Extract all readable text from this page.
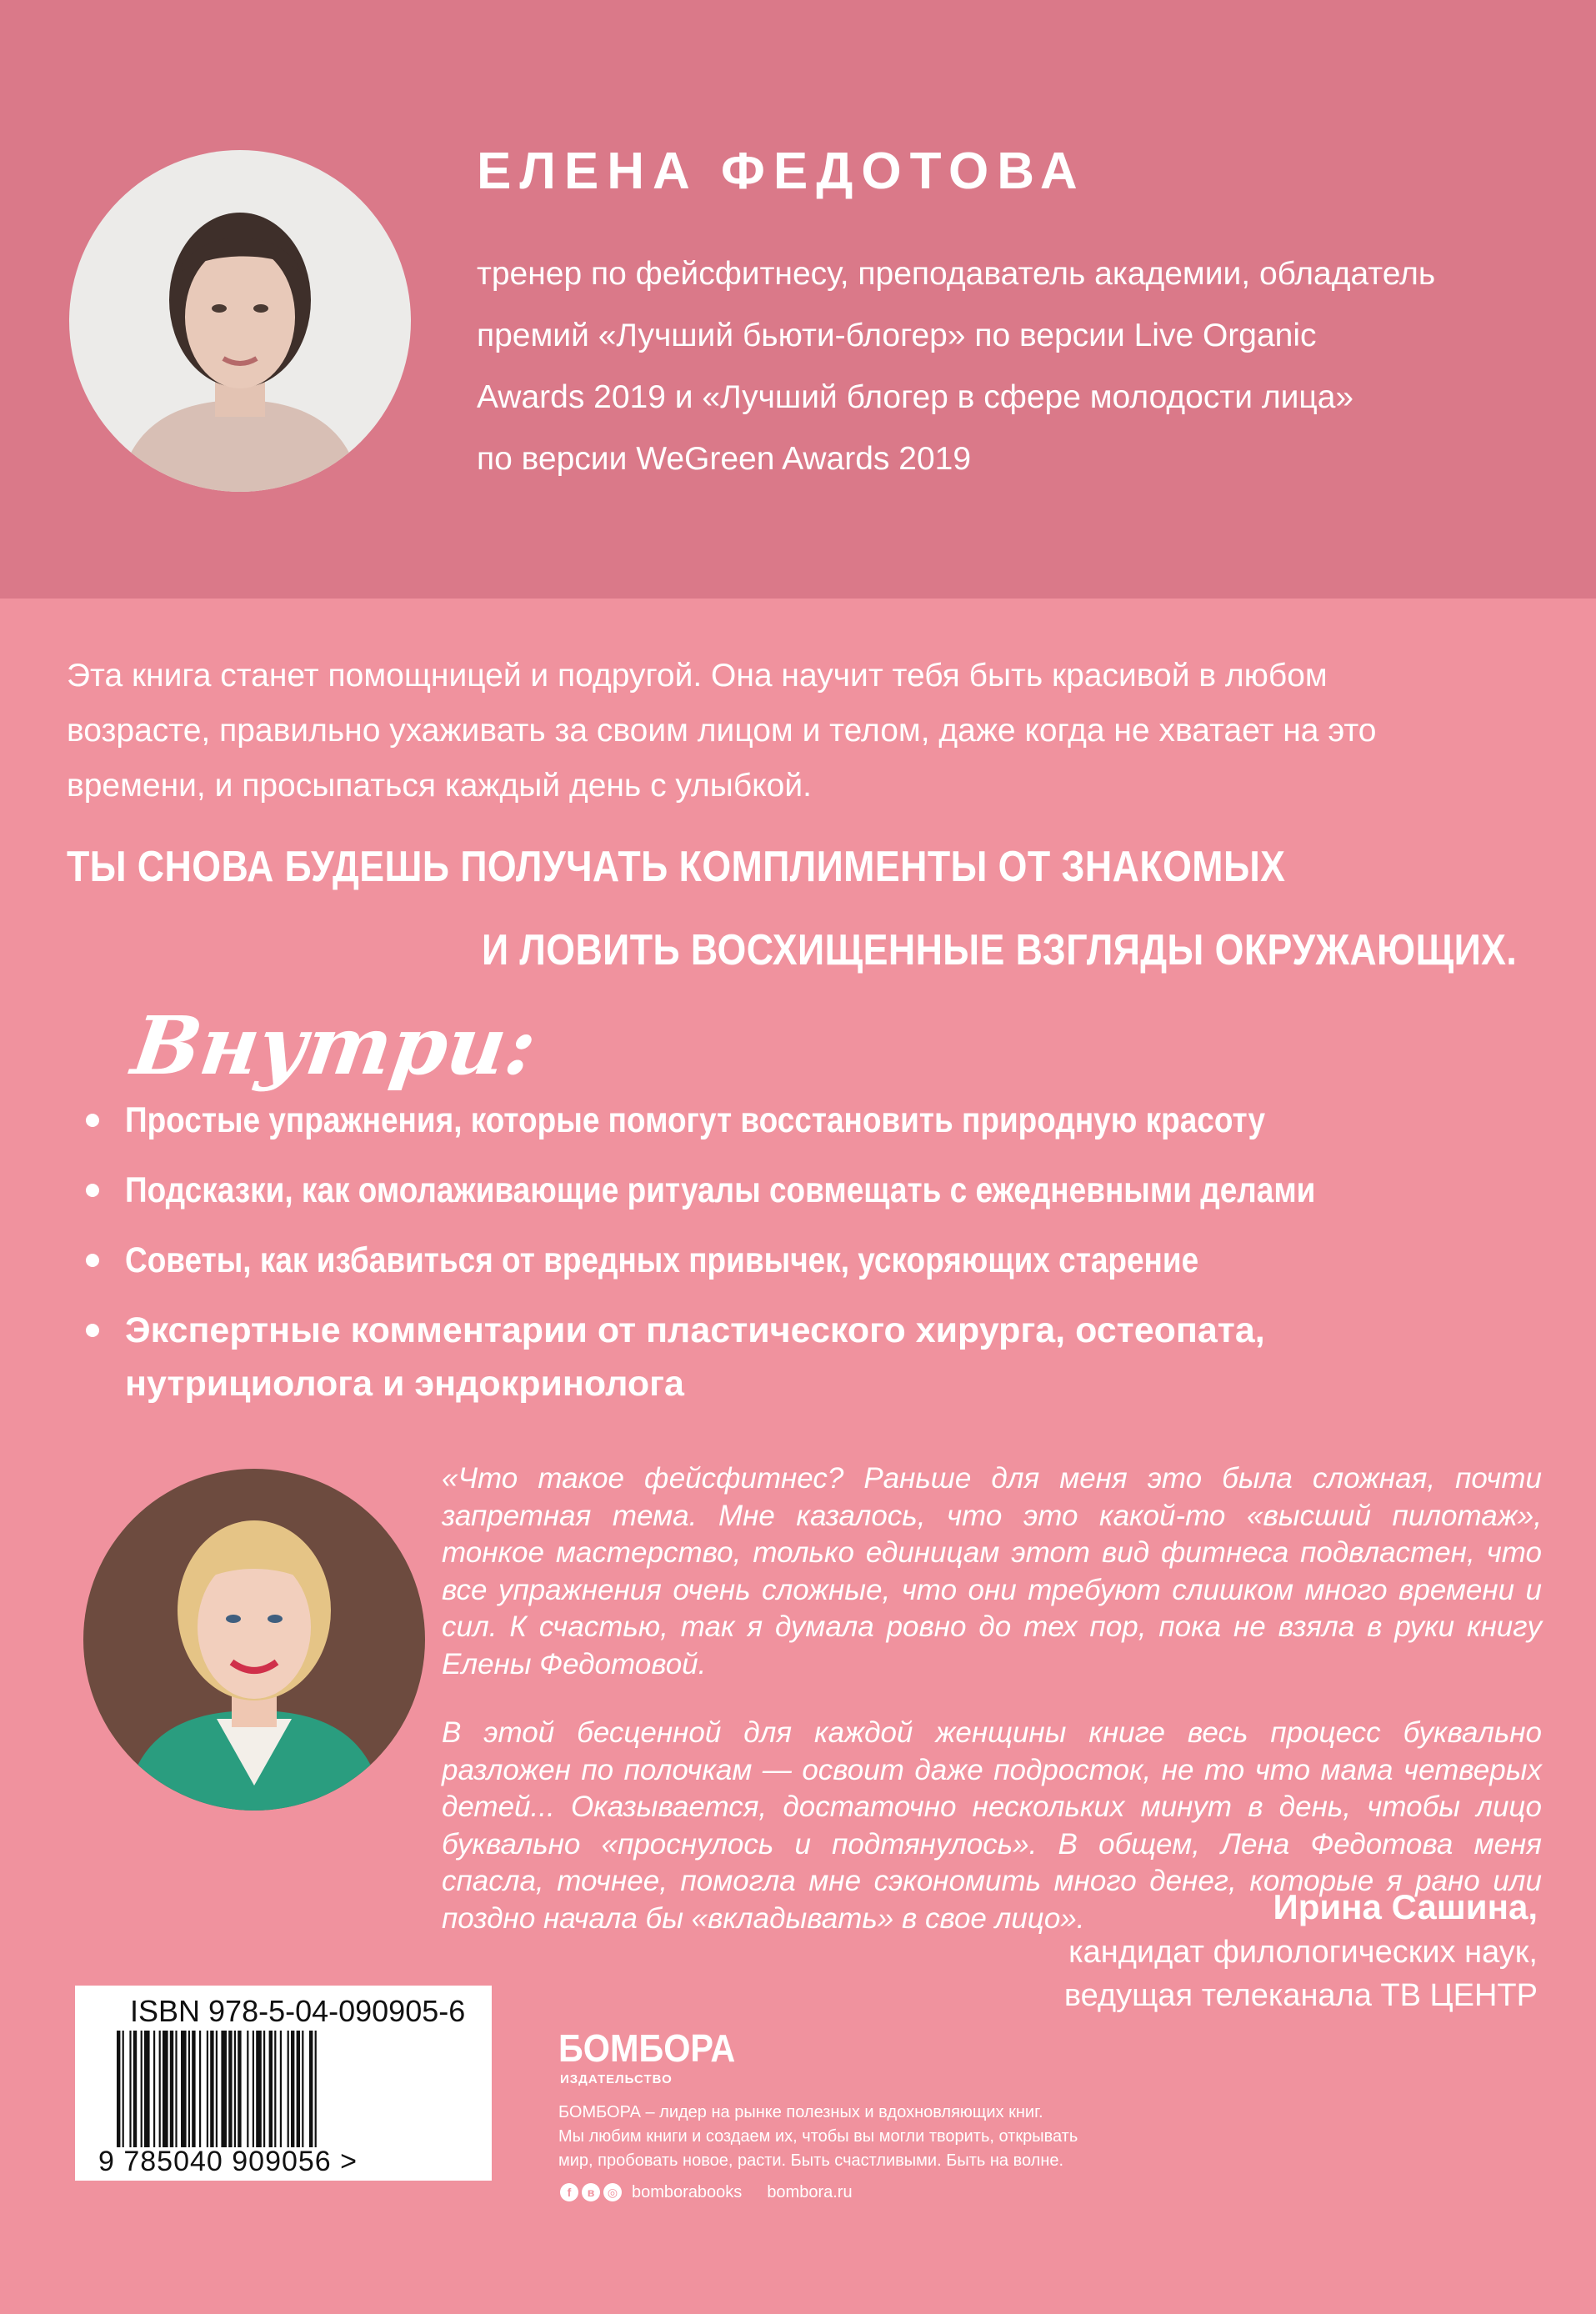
ЕЛЕНА ФЕДОТОВА

тренер по фейсфитнесу, преподаватель академии, обладатель
премий «Лучший бьюти-блогер» по версии Live Organic
Awards 2019 и «Лучший блогер в сфере молодости лица»
по версии WeGreen Awards 2019

Эта книга станет помощницей и подругой. Она научит тебя быть красивой в любом
возрасте, правильно ухаживать за своим лицом и телом, даже когда не хватает на это
времени, и просыпаться каждый день с улыбкой.

ТЫ СНОВА БУДЕШЬ ПОЛУЧАТЬ КОМПЛИМЕНТЫ ОТ ЗНАКОМЫХ
И ЛОВИТЬ ВОСХИЩЕННЫЕ ВЗГЛЯДЫ ОКРУЖАЮЩИХ.
Внутри:
Простые упражнения, которые помогут восстановить природную красоту
Подсказки, как омолаживающие ритуалы совмещать с ежедневными делами
Советы, как избавиться от вредных привычек, ускоряющих старение
Экспертные комментарии от пластического хирурга, остеопата, нутрициолога и эндокринолога

«Что такое фейсфитнес? Раньше для меня это была сложная, почти запретная тема. Мне казалось, что это какой-то «высший пилотаж», тонкое мастерство, только единицам этот вид фитнеса подвластен, что все упражнения очень сложные, что они требуют слишком много времени и сил. К счастью, так я думала ровно до тех пор, пока не взяла в руки книгу Елены Федотовой.

В этой бесценной для каждой женщины книге весь процесс буквально разложен по полочкам — освоит даже подросток, не то что мама четверых детей... Оказывается, достаточно нескольких минут в день, чтобы лицо буквально «проснулось и подтянулось». В общем, Лена Федотова меня спасла, точнее, помогла мне сэкономить много денег, которые я рано или поздно начала бы «вкладывать» в свое лицо».	Ирина Сашина,
кандидат филологических наук,
ведущая телеканала ТВ ЦЕНТР
ISBN 978-5-04-090905-6
9 785040 909056 >
БОМБОРА
ИЗДАТЕЛЬСТВО

БОМБОРА – лидер на рынке полезных и вдохновляющих книг.
Мы любим книги и создаем их, чтобы вы могли творить, открывать
мир, пробовать новое, расти. Быть счастливыми. Быть на волне.

f	в	◎ bomborabooks bombora.ru
